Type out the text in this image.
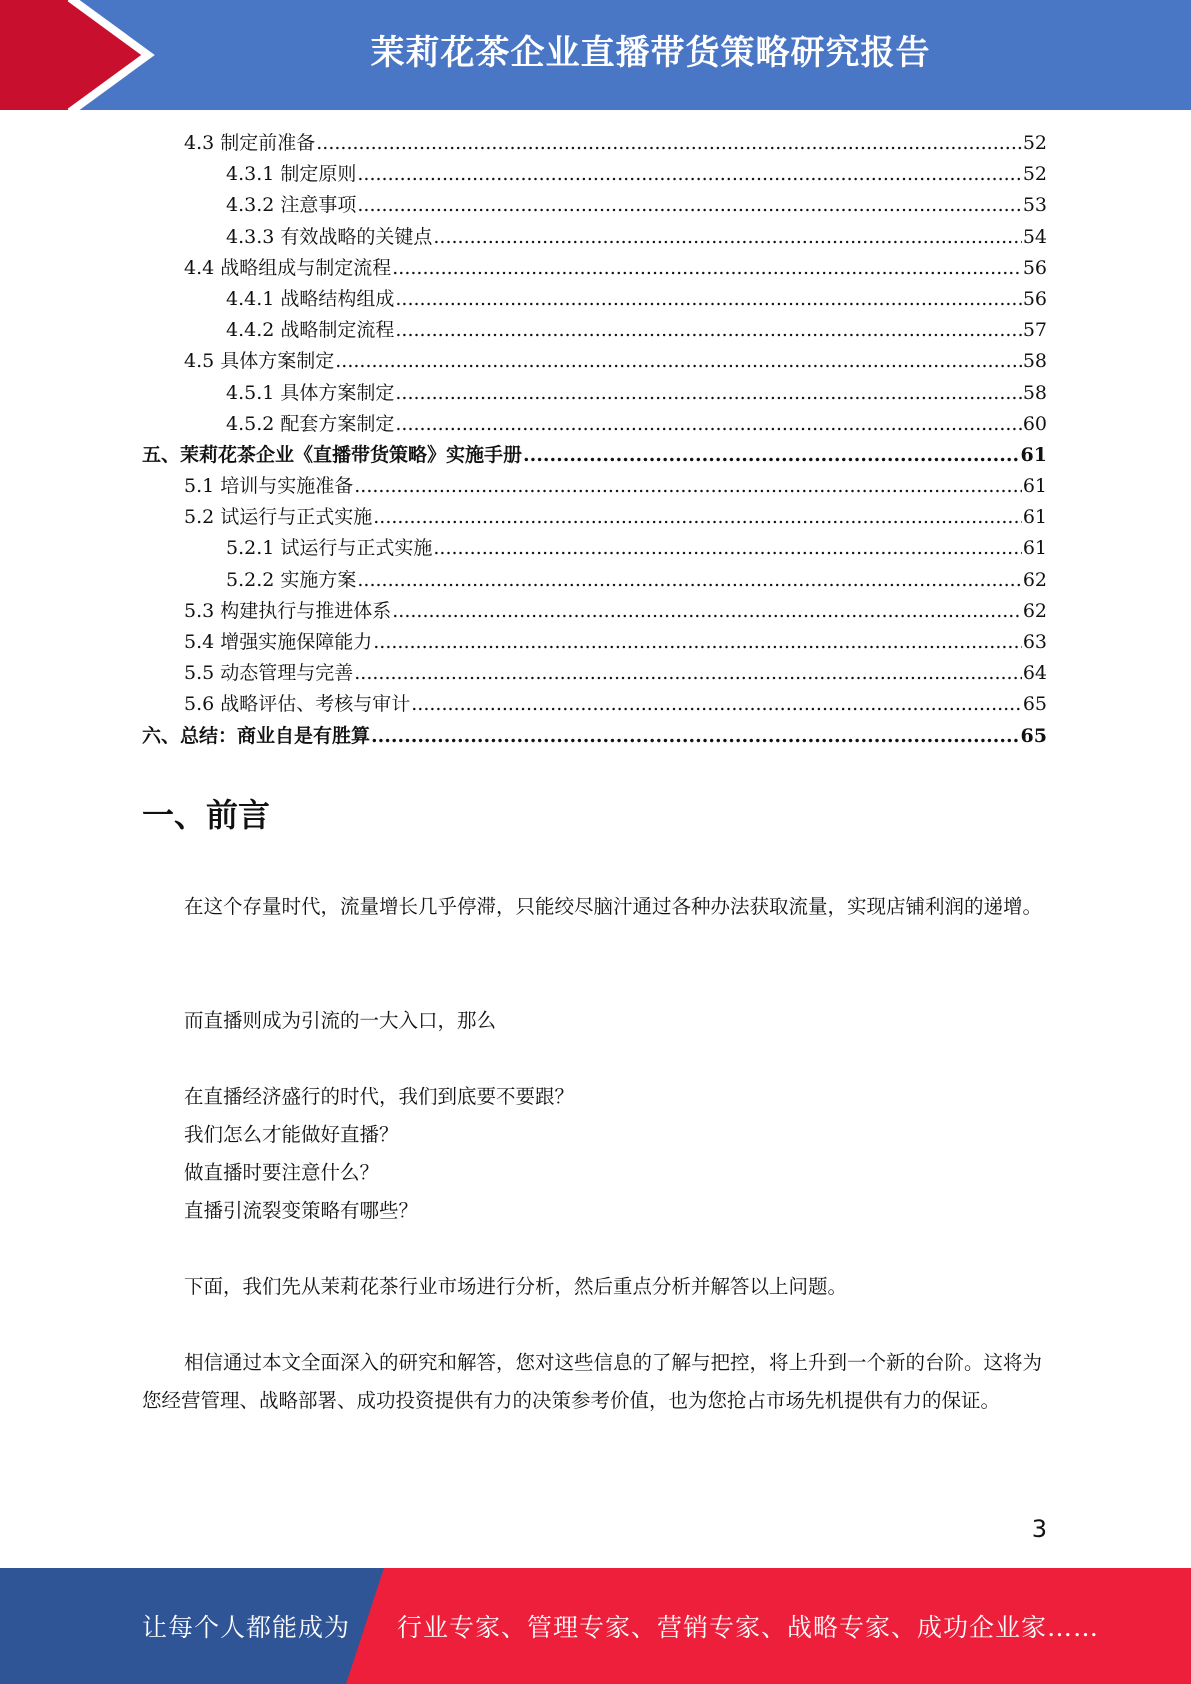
茉莉花茶企业直播带货策略研究报告
4.3 制定前准备 .....	52
4.3.1 制定原则 .....	52
4.3.2 注意事项 .....	53
4.3.3 有效战略的关键点 .....	54
4.4 战略组成与制定流程 .....	56
4.4.1 战略结构组成 .....	56
4.4.2 战略制定流程 .....	57
4.5 具体方案制定 .....	58
4.5.1 具体方案制定 .....	58
4.5.2 配套方案制定 .....	60
五、茉莉花茶企业《直播带货策略》实施手册 .....	61
5.1 培训与实施准备 .....	61
5.2 试运行与正式实施 .....	61
5.2.1 试运行与正式实施 .....	61
5.2.2 实施方案 .....	62
5.3 构建执行与推进体系 .....	62
5.4 增强实施保障能力 .....	63
5.5 动态管理与完善 .....	64
5.6 战略评估、考核与审计 .....	65
六、总结：商业自是有胜算 .....	65
一、前言

在这个存量时代，流量增长几乎停滞，只能绞尽脑汁通过各种办法获取流量，实现店铺利润的递增。

而直播则成为引流的一大入口，那么

在直播经济盛行的时代，我们到底要不要跟？
我们怎么才能做好直播？
做直播时要注意什么？
直播引流裂变策略有哪些？

下面，我们先从茉莉花茶行业市场进行分析，然后重点分析并解答以上问题。

相信通过本文全面深入的研究和解答，您对这些信息的了解与把控，将上升到一个新的台阶。这将为您经营管理、战略部署、成功投资提供有力的决策参考价值，也为您抢占市场先机提供有力的保证。

3
让每个人都能成为 行业专家、管理专家、营销专家、战略专家、成功企业家……
